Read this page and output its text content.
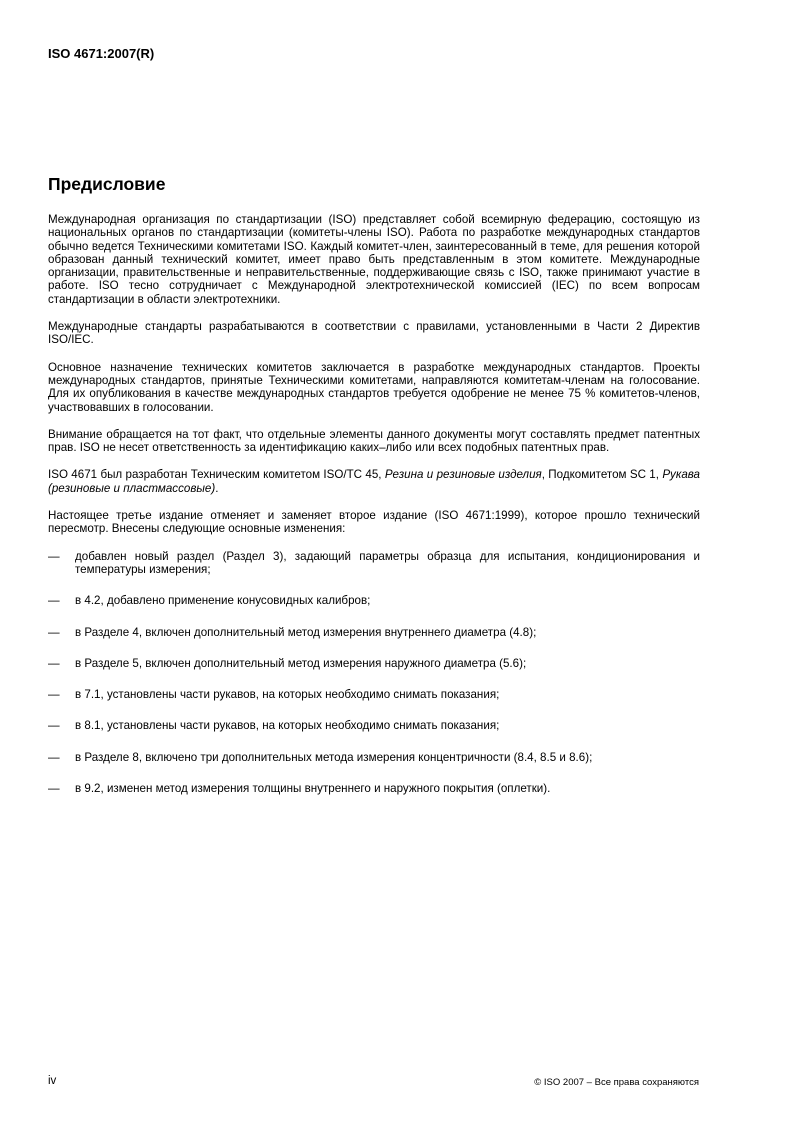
ISO 4671:2007(R)
Предисловие

Международная организация по стандартизации (ISO) представляет собой всемирную федерацию, состоящую из национальных органов по стандартизации (комитеты-члены ISO). Работа по разработке международных стандартов обычно ведется Техническими комитетами ISO. Каждый комитет-член, заинтересованный в теме, для решения которой образован данный технический комитет, имеет право быть представленным в этом комитете. Международные организации, правительственные и неправительственные, поддерживающие связь с ISO, также принимают участие в работе. ISO тесно сотрудничает с Международной электротехнической комиссией (IEC) по всем вопросам стандартизации в области электротехники.

Международные стандарты разрабатываются в соответствии с правилами, установленными в Части 2 Директив ISO/IEC.

Основное назначение технических комитетов заключается в разработке международных стандартов. Проекты международных стандартов, принятые Техническими комитетами, направляются комитетам-членам на голосование. Для их опубликования в качестве международных стандартов требуется одобрение не менее 75 % комитетов-членов, участвовавших в голосовании.

Внимание обращается на тот факт, что отдельные элементы данного документы могут составлять предмет патентных прав. ISO не несет ответственность за идентификацию каких–либо или всех подобных патентных прав.

ISO 4671 был разработан Техническим комитетом ISO/TC 45, Резина и резиновые изделия, Подкомитетом SC 1, Рукава (резиновые и пластмассовые).

Настоящее третье издание отменяет и заменяет второе издание (ISO 4671:1999), которое прошло технический пересмотр. Внесены следующие основные изменения:

— добавлен новый раздел (Раздел 3), задающий параметры образца для испытания, кондиционирования и температуры измерения;
— в 4.2, добавлено применение конусовидных калибров;
— в Разделе 4, включен дополнительный метод измерения внутреннего диаметра (4.8);
— в Разделе 5, включен дополнительный метод измерения наружного диаметра (5.6);
— в 7.1, установлены части рукавов, на которых необходимо снимать показания;
— в 8.1, установлены части рукавов, на которых необходимо снимать показания;
— в Разделе 8, включено три дополнительных метода измерения концентричности (8.4, 8.5 и 8.6);
— в 9.2, изменен метод измерения толщины внутреннего и наружного покрытия (оплетки).
iv	© ISO 2007 – Все права сохраняются
